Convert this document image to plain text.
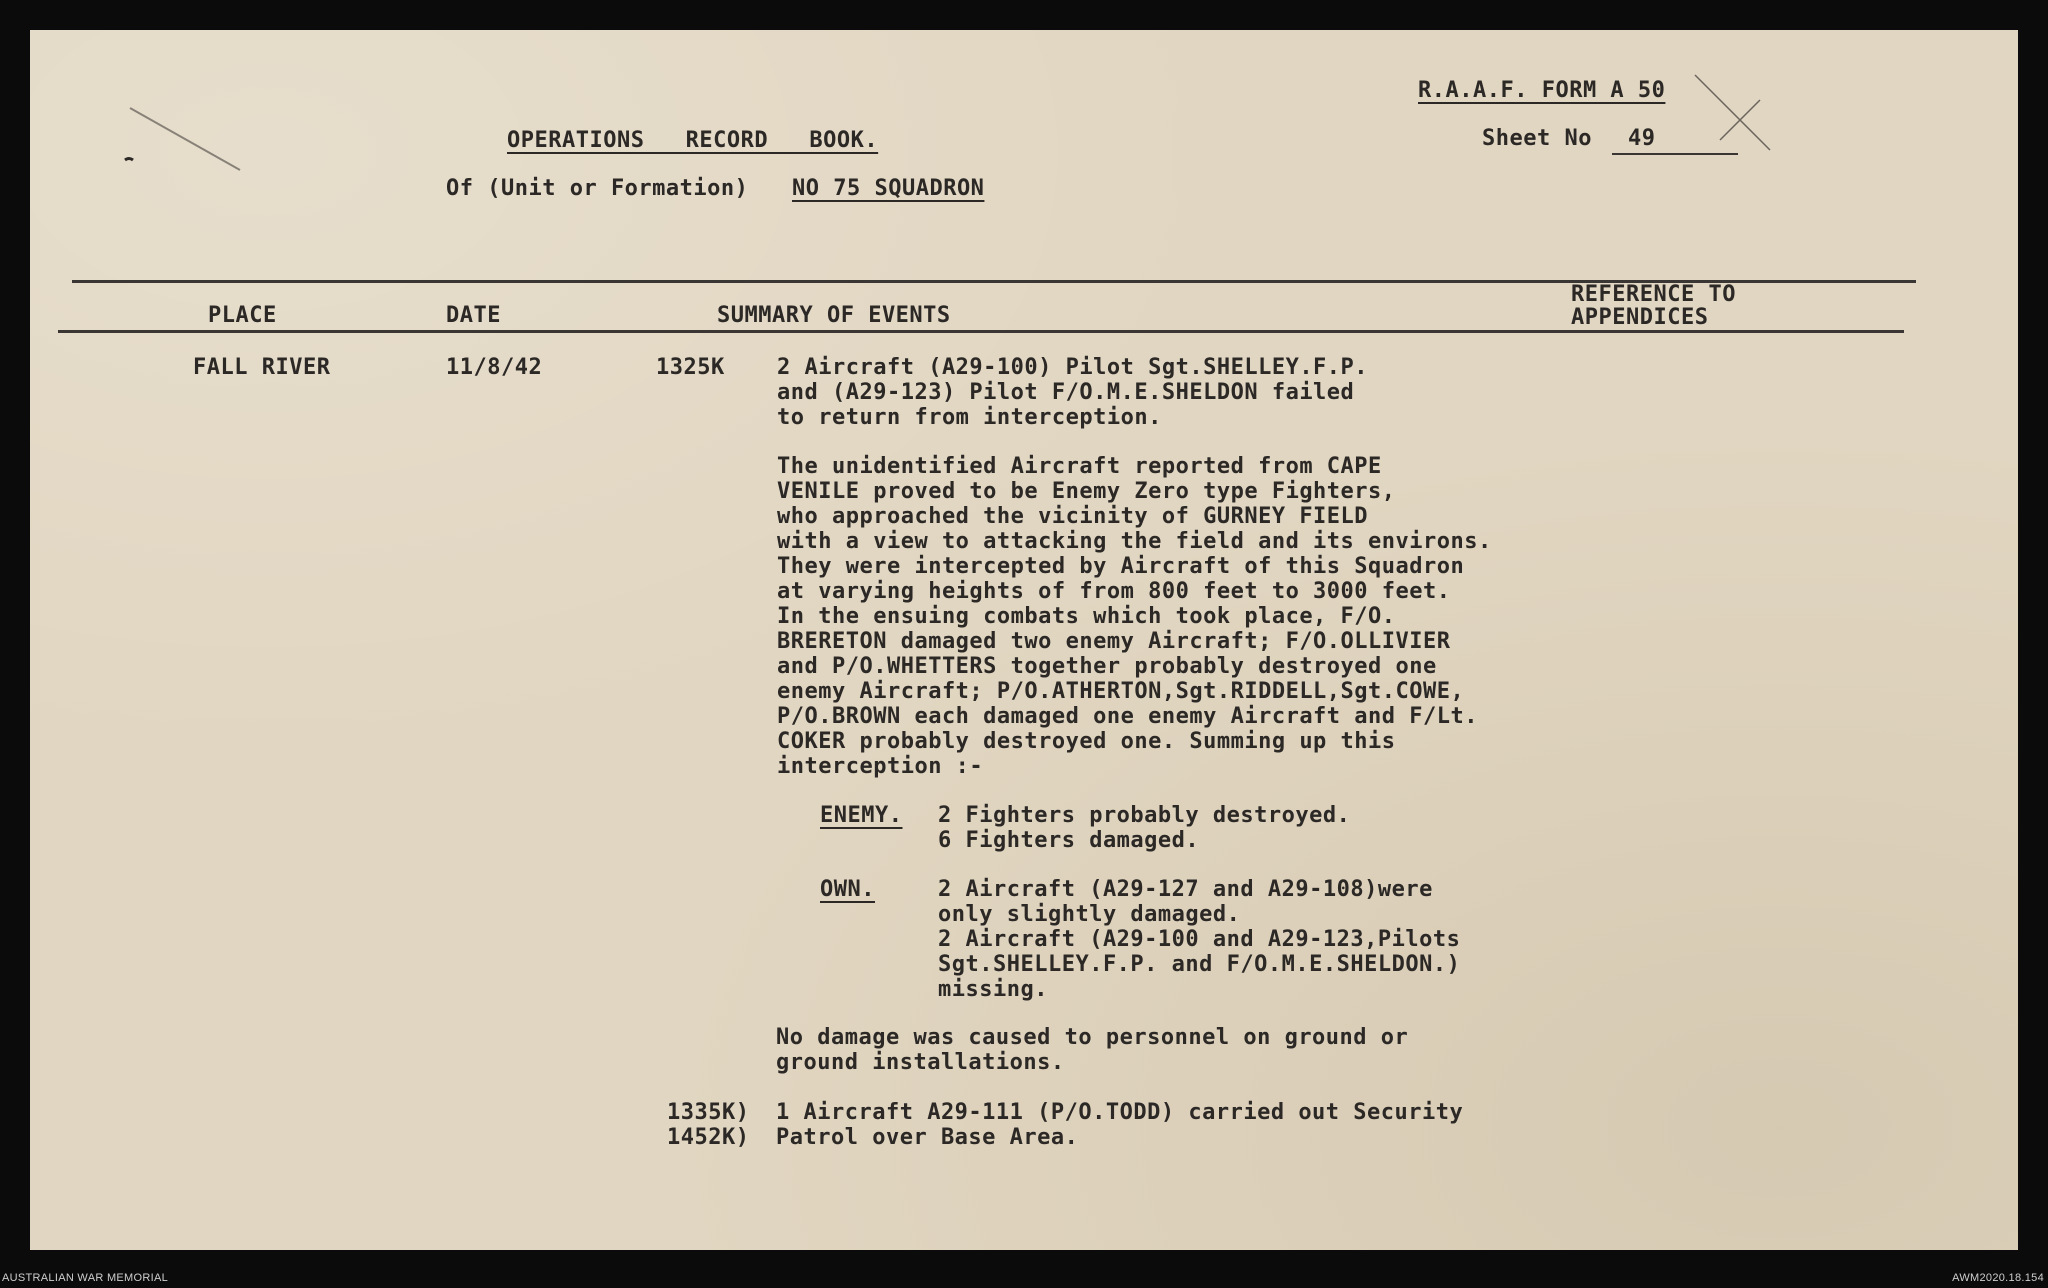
R.A.A.F. FORM A 50
OPERATIONS   RECORD   BOOK.	Sheet No	49
Of (Unit or Formation) NO 75 SQUADRON
PLACE	DATE	SUMMARY OF EVENTS
REFERENCE TO
APPENDICES
FALL RIVER	11/8/42	1325K 2 Aircraft (A29-100) Pilot Sgt.SHELLEY.F.P.
and (A29-123) Pilot F/O.M.E.SHELDON failed
to return from interception.
The unidentified Aircraft reported from CAPE
VENILE proved to be Enemy Zero type Fighters,
who approached the vicinity of GURNEY FIELD
with a view to attacking the field and its environs.
They were intercepted by Aircraft of this Squadron
at varying heights of from 800 feet to 3000 feet.
In the ensuing combats which took place, F/O.
BRERETON damaged two enemy Aircraft; F/O.OLLIVIER
and P/O.WHETTERS together probably destroyed one
enemy Aircraft; P/O.ATHERTON,Sgt.RIDDELL,Sgt.COWE,
P/O.BROWN each damaged one enemy Aircraft and F/Lt.
COKER probably destroyed one. Summing up this
interception :-
ENEMY. 2 Fighters probably destroyed.
6 Fighters damaged.
OWN.	2 Aircraft (A29-127 and A29-108)were
only slightly damaged.
2 Aircraft (A29-100 and A29-123,Pilots
Sgt.SHELLEY.F.P. and F/O.M.E.SHELDON.)
missing.
No damage was caused to personnel on ground or
ground installations.
1335K)
1452K)
1 Aircraft A29-111 (P/O.TODD) carried out Security
Patrol over Base Area.
AUSTRALIAN WAR MEMORIAL	AWM2020.18.154
